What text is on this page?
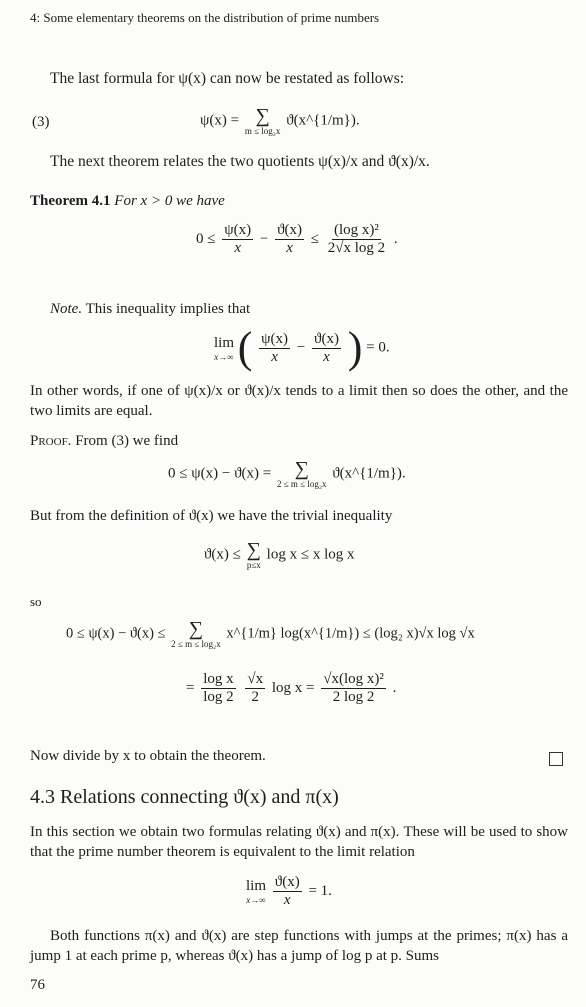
4: Some elementary theorems on the distribution of prime numbers
The last formula for ψ(x) can now be restated as follows:
(3)	ψ(x) = ∑
m ≤ log₂x
ϑ(x^{1/m}).
The next theorem relates the two quotients ψ(x)/x and ϑ(x)/x.
Theorem 4.1 For x > 0 we have
$0 \le \frac{\psi(x)}{x} - \frac{ϑ(x)}{x} \le \frac{\text{(log x)²}}{\text{2√x log 2}}$ .
Note. This inequality implies that
lim
x→∞ ( $\frac{\psi(x)}{x} - \frac{ϑ(x)}{x}$ ) = 0.
In other words, if one of ψ(x)/x or ϑ(x)/x tends to a limit then so does the other, and the two limits are equal.
Proof. From (3) we find
0 ≤ ψ(x) − ϑ(x) = ∑
2 ≤ m ≤ log₂x
ϑ(x^{1/m}).
But from the definition of ϑ(x) we have the trivial inequality
ϑ(x) ≤ ∑
p≤x
log x ≤ x log x
so
0 ≤ ψ(x) − ϑ(x) ≤ ∑
2 ≤ m ≤ log₂x
x^{1/m} log(x^{1/m}) ≤ (log₂ x)√x log √x
= $\frac{\text{log x}}{\log 2}$
$\frac{√x}{2}$ $\log x = \frac{\text{√x(log x)²}}{2 \log 2}$ .
Now divide by x to obtain the theorem.
4.3 Relations connecting ϑ(x) and π(x)
In this section we obtain two formulas relating ϑ(x) and π(x). These will be used to show that the prime number theorem is equivalent to the limit relation
lim
x→∞
$\frac{ϑ(x)}{x} = 1$.
Both functions π(x) and ϑ(x) are step functions with jumps at the primes; π(x) has a jump 1 at each prime p, whereas ϑ(x) has a jump of log p at p. Sums
76
